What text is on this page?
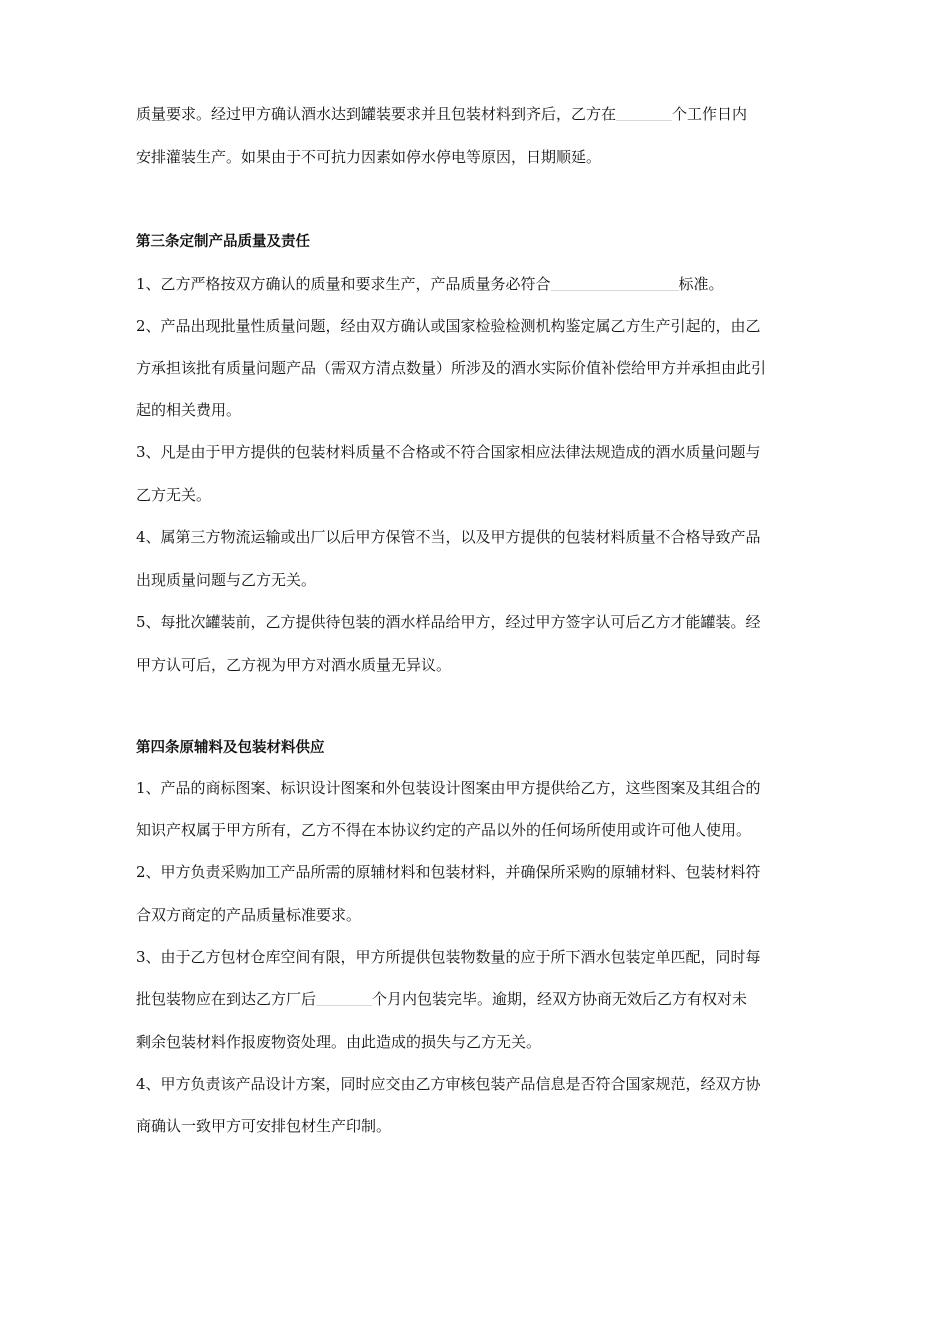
质量要求。经过甲方确认酒水达到罐装要求并且包装材料到齐后，乙方在	个工作日内

安排灌装生产。如果由于不可抗力因素如停水停电等原因，日期顺延。

第三条定制产品质量及责任

1、乙方严格按双方确认的质量和要求生产，产品质量务必符合	标准。

2、产品出现批量性质量问题，经由双方确认或国家检验检测机构鉴定属乙方生产引起的，由乙

方承担该批有质量问题产品（需双方清点数量）所涉及的酒水实际价值补偿给甲方并承担由此引

起的相关费用。

3、凡是由于甲方提供的包装材料质量不合格或不符合国家相应法律法规造成的酒水质量问题与

乙方无关。

4、属第三方物流运输或出厂以后甲方保管不当，以及甲方提供的包装材料质量不合格导致产品

出现质量问题与乙方无关。

5、每批次罐装前，乙方提供待包装的酒水样品给甲方，经过甲方签字认可后乙方才能罐装。经

甲方认可后，乙方视为甲方对酒水质量无异议。

第四条原辅料及包装材料供应

1、产品的商标图案、标识设计图案和外包装设计图案由甲方提供给乙方，这些图案及其组合的

知识产权属于甲方所有，乙方不得在本协议约定的产品以外的任何场所使用或许可他人使用。

2、甲方负责采购加工产品所需的原辅材料和包装材料，并确保所采购的原辅材料、包装材料符

合双方商定的产品质量标准要求。

3、由于乙方包材仓库空间有限，甲方所提供包装物数量的应于所下酒水包装定单匹配，同时每

批包装物应在到达乙方厂后	个月内包装完毕。逾期，经双方协商无效后乙方有权对未

剩余包装材料作报废物资处理。由此造成的损失与乙方无关。

4、甲方负责该产品设计方案，同时应交由乙方审核包装产品信息是否符合国家规范，经双方协

商确认一致甲方可安排包材生产印制。
